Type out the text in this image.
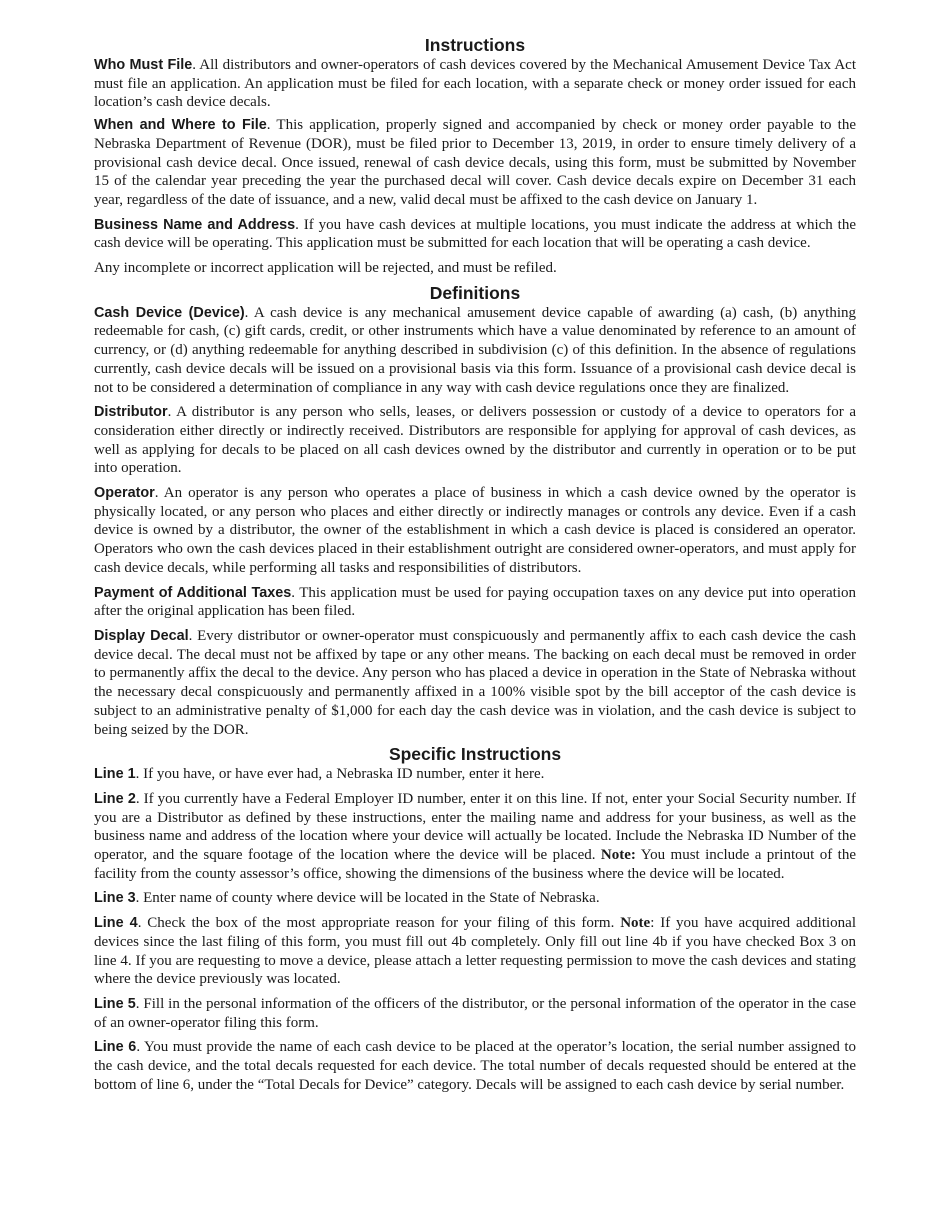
Instructions

Who Must File. All distributors and owner-operators of cash devices covered by the Mechanical Amusement Device Tax Act must file an application. An application must be filed for each location, with a separate check or money order issued for each location’s cash device decals.

When and Where to File. This application, properly signed and accompanied by check or money order payable to the Nebraska Department of Revenue (DOR), must be filed prior to December 13, 2019, in order to ensure timely delivery of a provisional cash device decal. Once issued, renewal of cash device decals, using this form, must be submitted by November 15 of the calendar year preceding the year the purchased decal will cover. Cash device decals expire on December 31 each year, regardless of the date of issuance, and a new, valid decal must be affixed to the cash device on January 1.

Business Name and Address. If you have cash devices at multiple locations, you must indicate the address at which the cash device will be operating. This application must be submitted for each location that will be operating a cash device.

Any incomplete or incorrect application will be rejected, and must be refiled.

Definitions

Cash Device (Device). A cash device is any mechanical amusement device capable of awarding (a) cash, (b) anything redeemable for cash, (c) gift cards, credit, or other instruments which have a value denominated by reference to an amount of currency, or (d) anything redeemable for anything described in subdivision (c) of this definition. In the absence of regulations currently, cash device decals will be issued on a provisional basis via this form. Issuance of a provisional cash device decal is not to be considered a determination of compliance in any way with cash device regulations once they are finalized.

Distributor. A distributor is any person who sells, leases, or delivers possession or custody of a device to operators for a consideration either directly or indirectly received. Distributors are responsible for applying for approval of cash devices, as well as applying for decals to be placed on all cash devices owned by the distributor and currently in operation or to be put into operation.

Operator. An operator is any person who operates a place of business in which a cash device owned by the operator is physically located, or any person who places and either directly or indirectly manages or controls any device. Even if a cash device is owned by a distributor, the owner of the establishment in which a cash device is placed is considered an operator. Operators who own the cash devices placed in their establishment outright are considered owner-operators, and must apply for cash device decals, while performing all tasks and responsibilities of distributors.

Payment of Additional Taxes. This application must be used for paying occupation taxes on any device put into operation after the original application has been filed.

Display Decal. Every distributor or owner-operator must conspicuously and permanently affix to each cash device the cash device decal. The decal must not be affixed by tape or any other means. The backing on each decal must be removed in order to permanently affix the decal to the device. Any person who has placed a device in operation in the State of Nebraska without the necessary decal conspicuously and permanently affixed in a 100% visible spot by the bill acceptor of the cash device is subject to an administrative penalty of $1,000 for each day the cash device was in violation, and the cash device is subject to being seized by the DOR.

Specific Instructions

Line 1. If you have, or have ever had, a Nebraska ID number, enter it here.

Line 2. If you currently have a Federal Employer ID number, enter it on this line. If not, enter your Social Security number. If you are a Distributor as defined by these instructions, enter the mailing name and address for your business, as well as the business name and address of the location where your device will actually be located. Include the Nebraska ID Number of the operator, and the square footage of the location where the device will be placed. Note: You must include a printout of the facility from the county assessor’s office, showing the dimensions of the business where the device will be located.

Line 3. Enter name of county where device will be located in the State of Nebraska.

Line 4. Check the box of the most appropriate reason for your filing of this form. Note: If you have acquired additional devices since the last filing of this form, you must fill out 4b completely. Only fill out line 4b if you have checked Box 3 on line 4. If you are requesting to move a device, please attach a letter requesting permission to move the cash devices and stating where the device previously was located.

Line 5. Fill in the personal information of the officers of the distributor, or the personal information of the operator in the case of an owner-operator filing this form.

Line 6. You must provide the name of each cash device to be placed at the operator’s location, the serial number assigned to the cash device, and the total decals requested for each device. The total number of decals requested should be entered at the bottom of line 6, under the “Total Decals for Device” category. Decals will be assigned to each cash device by serial number.
